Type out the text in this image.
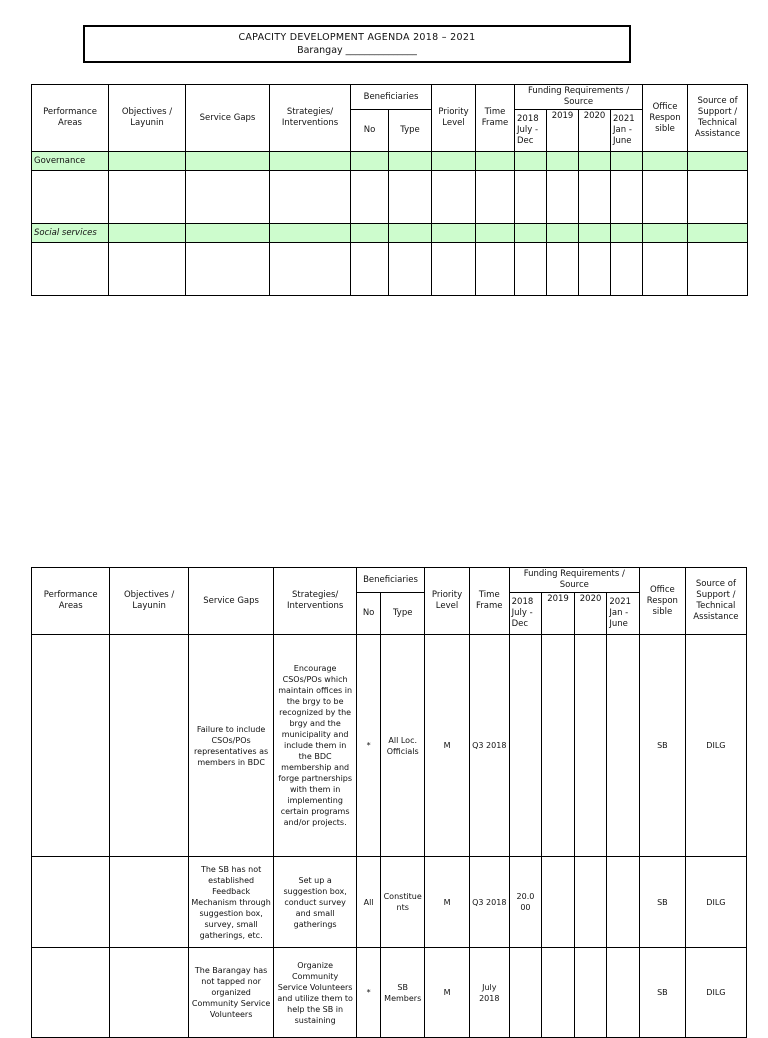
CAPACITY DEVELOPMENT AGENDA 2018 – 2021
Barangay _______________
Performance Areas	Objectives / Layunin	Service Gaps	Strategies/ Interventions	Beneficiaries		Priority Level	Time Frame	Funding Requirements / Source				Office Respon sible	Source of Support / Technical Assistance
				No	Type			2018 July - Dec	2019	2020	2021 Jan - June		
Governance													

Social services													

Performance Areas	Objectives / Layunin	Service Gaps	Strategies/ Interventions	Beneficiaries		Priority Level	Time Frame	Funding Requirements / Source				Office Respon sible	Source of Support / Technical Assistance
				No	Type			2018 July - Dec	2019	2020	2021 Jan - June		
		Failure to include CSOs/POs representatives as members in BDC	Encourage CSOs/POs which maintain offices in the brgy to be recognized by the brgy and the municipality and include them in the BDC membership and forge partnerships with them in implementing certain programs and/or projects.	*	All Loc. Officials	M	Q3 2018					SB	DILG
		The SB has not established Feedback Mechanism through suggestion box, survey, small gatherings, etc.	Set up a suggestion box, conduct survey and small gatherings	All	Constitue nts	M	Q3 2018	20.0 00				SB	DILG
		The Barangay has not tapped nor organized Community Service Volunteers	Organize Community Service Volunteers and utilize them to help the SB in sustaining	*	SB Members	M	July 2018					SB	DILG
